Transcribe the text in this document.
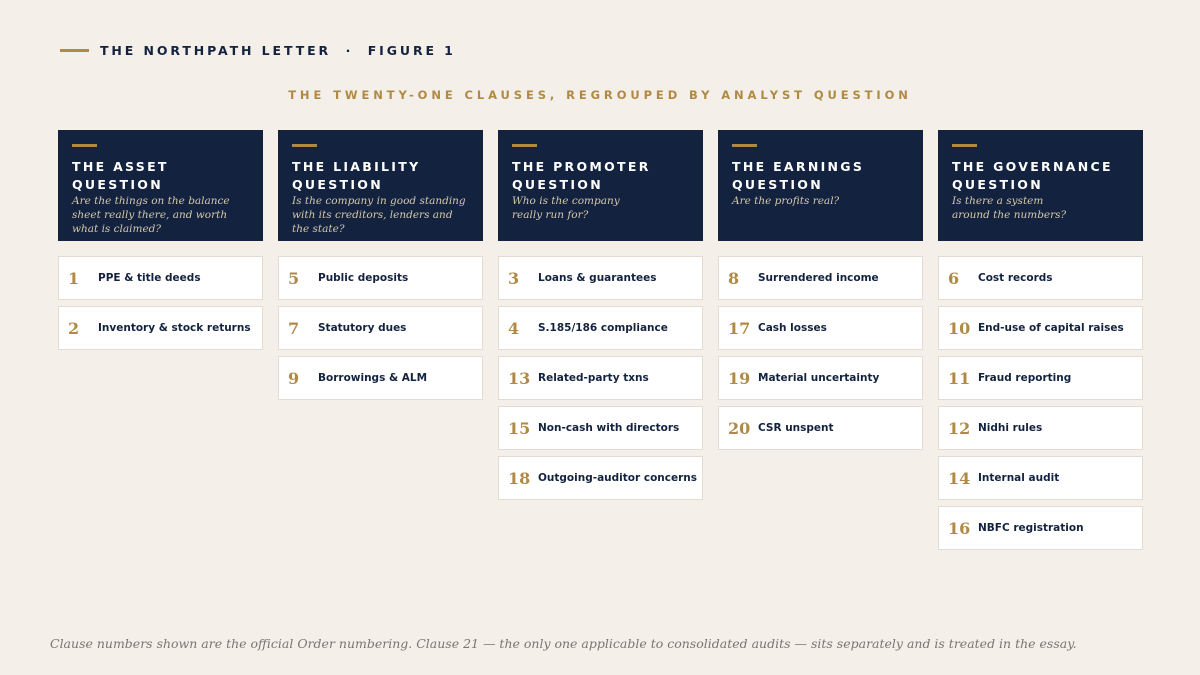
THE NORTHPATH LETTER  ·  FIGURE 1
THE TWENTY-ONE CLAUSES, REGROUPED BY ANALYST QUESTION
THE ASSET QUESTION
Are the things on the balance sheet really there, and worth what is claimed?
1	PPE & title deeds
2	Inventory & stock returns
THE LIABILITY QUESTION
Is the company in good standing with its creditors, lenders and the state?
5	Public deposits
7	Statutory dues
9	Borrowings & ALM
THE PROMOTER QUESTION
Who is the company really run for?
3	Loans & guarantees
4	S.185/186 compliance
13 Related-party txns
15 Non-cash with directors
18 Outgoing-auditor concerns
THE EARNINGS QUESTION
Are the profits real?
8	Surrendered income
17 Cash losses
19 Material uncertainty
20 CSR unspent
THE GOVERNANCE QUESTION
Is there a system around the numbers?
6	Cost records
10 End-use of capital raises
11 Fraud reporting
12 Nidhi rules
14 Internal audit
16 NBFC registration
Clause numbers shown are the official Order numbering. Clause 21 — the only one applicable to consolidated audits — sits separately and is treated in the essay.
